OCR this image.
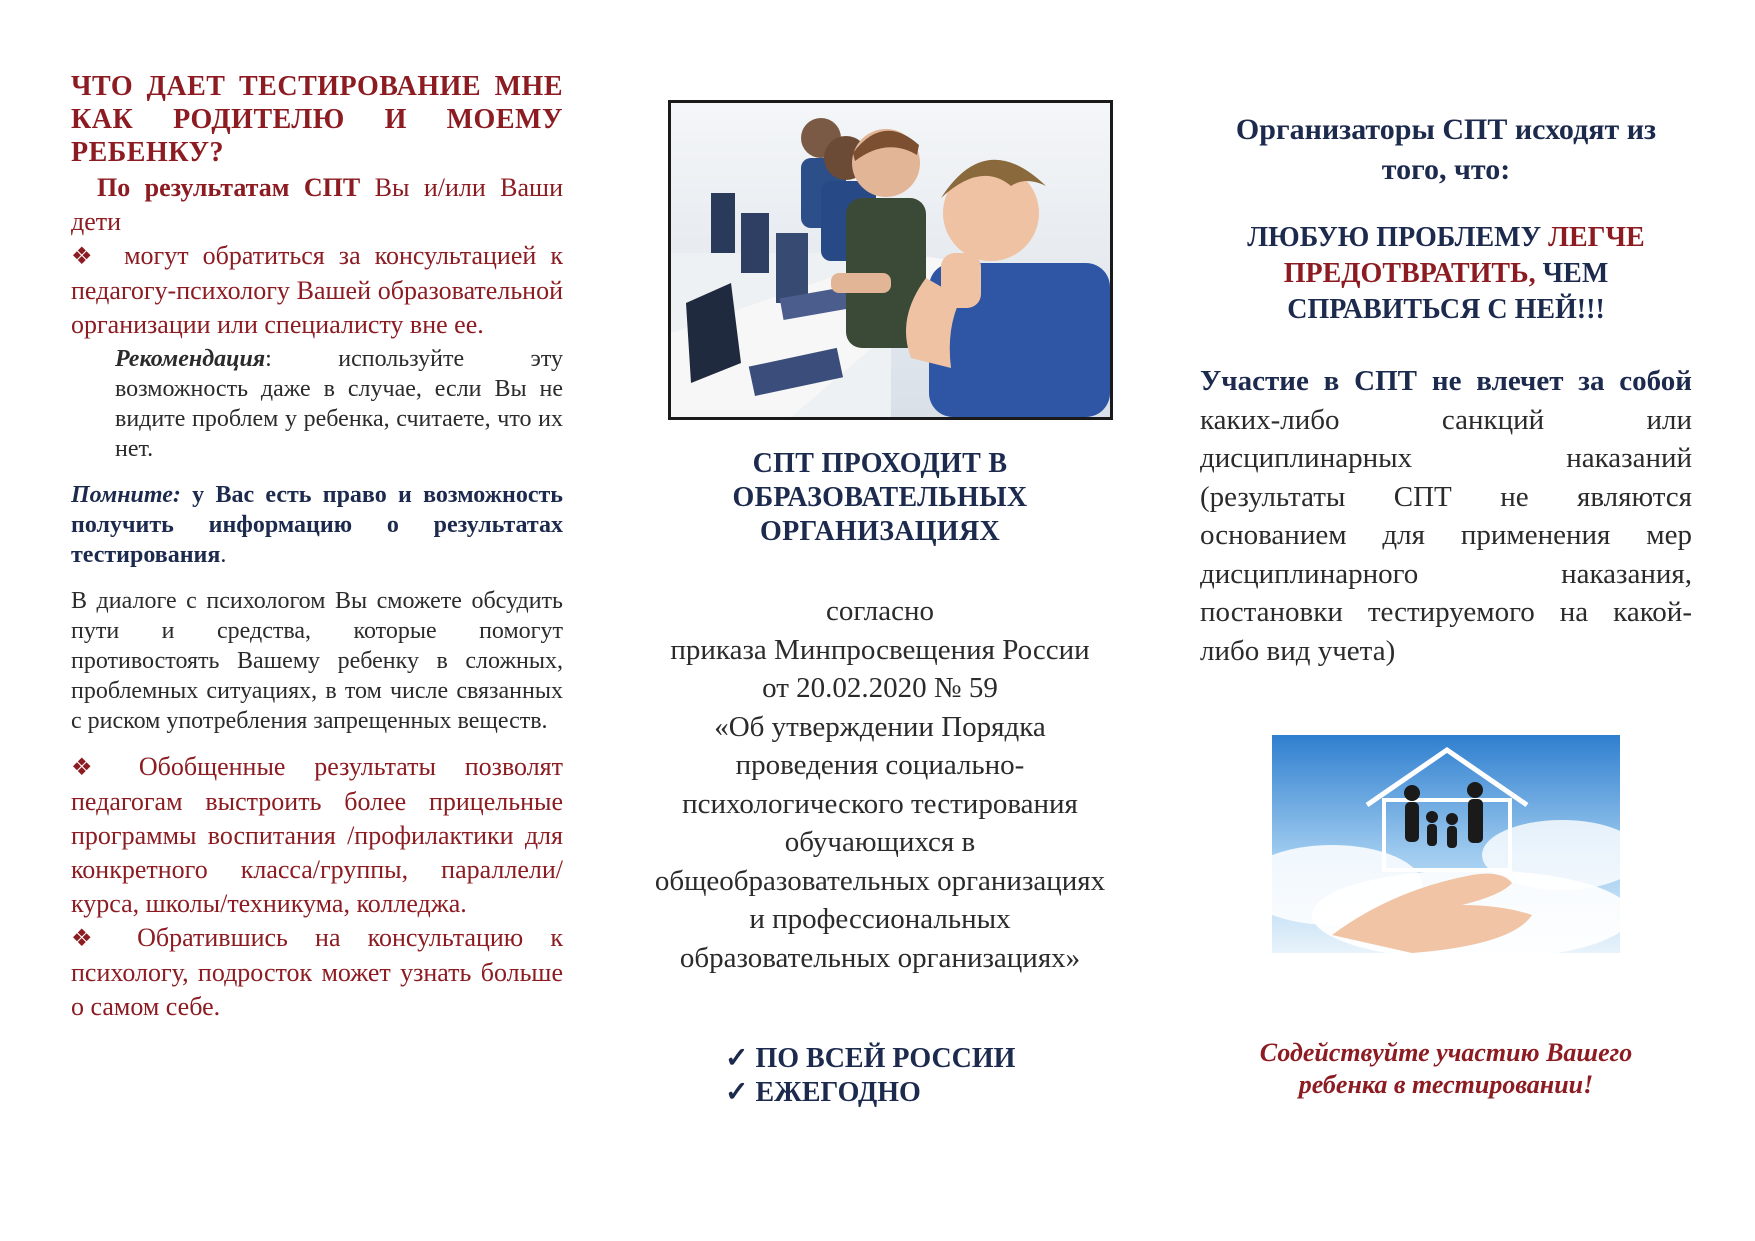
ЧТО ДАЕТ ТЕСТИРОВАНИЕ МНЕ КАК РОДИТЕЛЮ И МОЕМУ РЕБЕНКУ?

По результатам СПТ Вы и/или Ваши дети

❖ могут обратиться за консультацией к педагогу-психологу Вашей образовательной организации или специалисту вне ее.

Рекомендация: используйте эту возможность даже в случае, если Вы не видите проблем у ребенка, считаете, что их нет.

Помните: у Вас есть право и возможность получить информацию о результатах тестирования.

В диалоге с психологом Вы сможете обсудить пути и средства, которые помогут противостоять Вашему ребенку в сложных, проблемных ситуациях, в том числе связанных с риском употребления запрещенных веществ.

❖ Обобщенные результаты позволят педагогам выстроить более прицельные программы воспитания /профилактики для конкретного класса/группы, параллели/курса, школы/техникума, колледжа.

❖ Обратившись на консультацию к психологу, подросток может узнать больше о самом себе.

СПТ ПРОХОДИТ В ОБРАЗОВАТЕЛЬНЫХ ОРГАНИЗАЦИЯХ

согласно

приказа Минпросвещения России

от 20.02.2020 № 59

«Об утверждении Порядка проведения социально-психологического тестирования обучающихся в общеобразовательных организациях и профессиональных образовательных организациях»

✓ ПО ВСЕЙ РОССИИ

✓ ЕЖЕГОДНО

Организаторы СПТ исходят из того, что:

ЛЮБУЮ ПРОБЛЕМУ ЛЕГЧЕ ПРЕДОТВРАТИТЬ, ЧЕМ СПРАВИТЬСЯ С НЕЙ!!!

Участие в СПТ не влечет за собой каких-либо санкций или дисциплинарных наказаний (результаты СПТ не являются основанием для применения мер дисциплинарного наказания, постановки тестируемого на какой-либо вид учета)

Содействуйте участию Вашего ребенка в тестировании!
